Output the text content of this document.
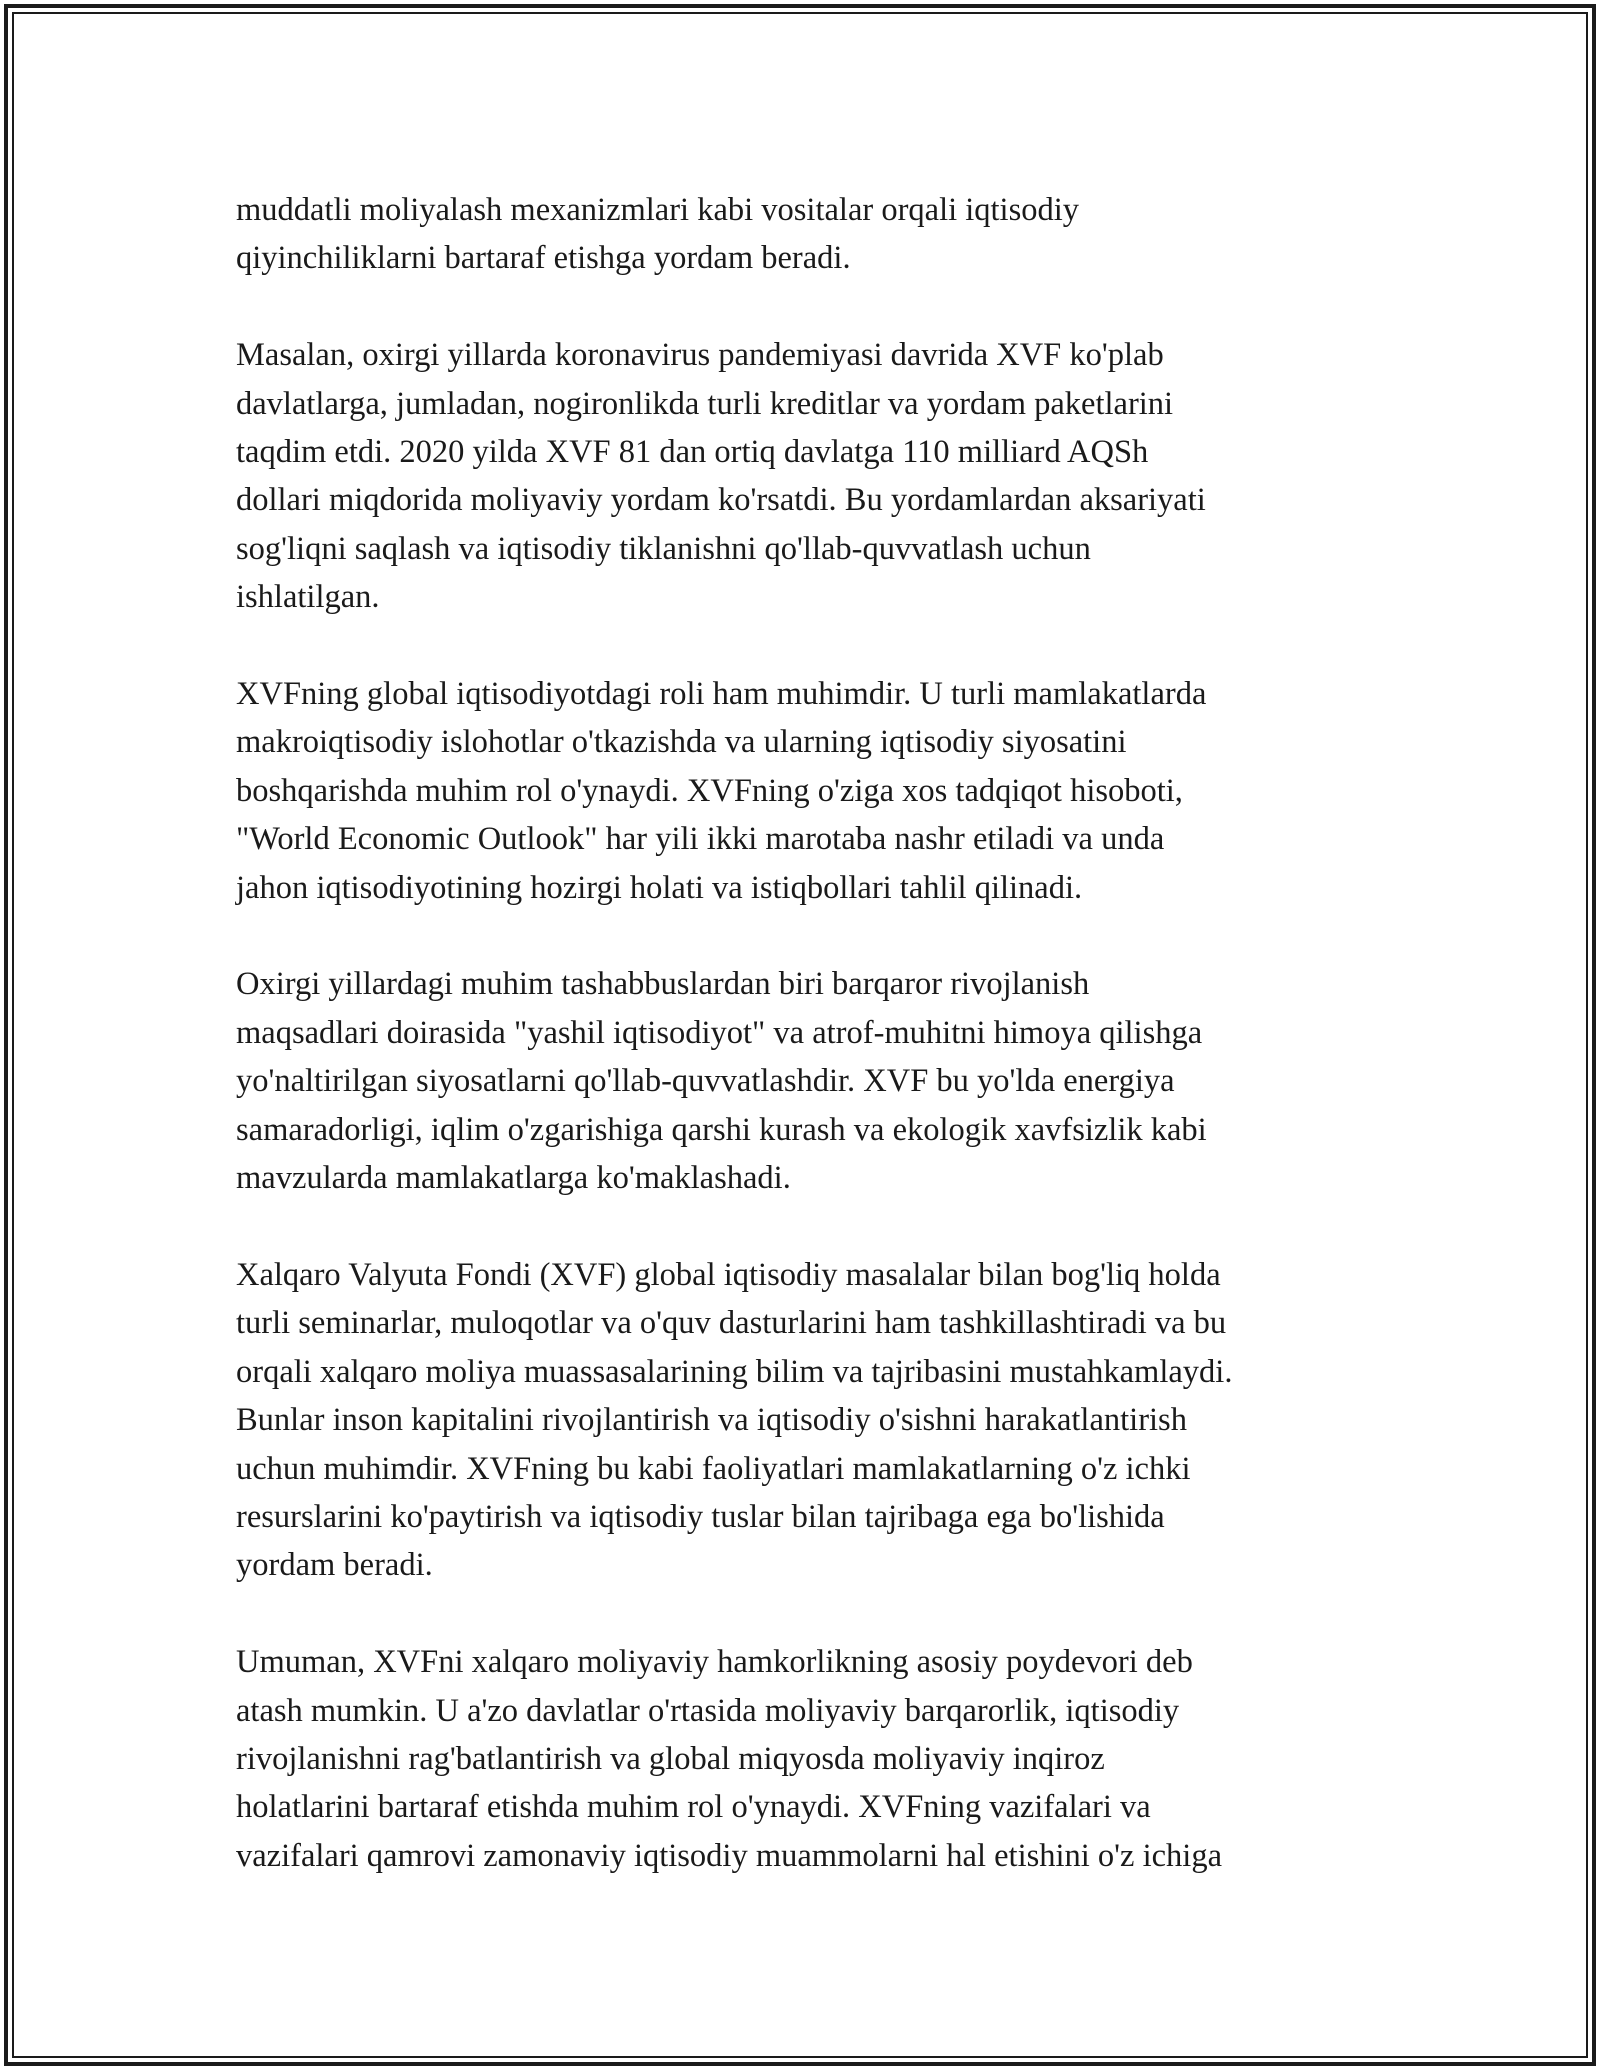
muddatli moliyalash mexanizmlari kabi vositalar orqali iqtisodiy
qiyinchiliklarni bartaraf etishga yordam beradi.

Masalan, oxirgi yillarda koronavirus pandemiyasi davrida XVF ko'plab
davlatlarga, jumladan, nogironlikda turli kreditlar va yordam paketlarini
taqdim etdi. 2020 yilda XVF 81 dan ortiq davlatga 110 milliard AQSh
dollari miqdorida moliyaviy yordam ko'rsatdi. Bu yordamlardan aksariyati
sog'liqni saqlash va iqtisodiy tiklanishni qo'llab-quvvatlash uchun
ishlatilgan.

XVFning global iqtisodiyotdagi roli ham muhimdir. U turli mamlakatlarda
makroiqtisodiy islohotlar o'tkazishda va ularning iqtisodiy siyosatini
boshqarishda muhim rol o'ynaydi. XVFning o'ziga xos tadqiqot hisoboti,
"World Economic Outlook" har yili ikki marotaba nashr etiladi va unda
jahon iqtisodiyotining hozirgi holati va istiqbollari tahlil qilinadi.

Oxirgi yillardagi muhim tashabbuslardan biri barqaror rivojlanish
maqsadlari doirasida "yashil iqtisodiyot" va atrof-muhitni himoya qilishga
yo'naltirilgan siyosatlarni qo'llab-quvvatlashdir. XVF bu yo'lda energiya
samaradorligi, iqlim o'zgarishiga qarshi kurash va ekologik xavfsizlik kabi
mavzularda mamlakatlarga ko'maklashadi.

Xalqaro Valyuta Fondi (XVF) global iqtisodiy masalalar bilan bog'liq holda
turli seminarlar, muloqotlar va o'quv dasturlarini ham tashkillashtiradi va bu
orqali xalqaro moliya muassasalarining bilim va tajribasini mustahkamlaydi.
Bunlar inson kapitalini rivojlantirish va iqtisodiy o'sishni harakatlantirish
uchun muhimdir. XVFning bu kabi faoliyatlari mamlakatlarning o'z ichki
resurslarini ko'paytirish va iqtisodiy tuslar bilan tajribaga ega bo'lishida
yordam beradi.

Umuman, XVFni xalqaro moliyaviy hamkorlikning asosiy poydevori deb
atash mumkin. U a'zo davlatlar o'rtasida moliyaviy barqarorlik, iqtisodiy
rivojlanishni rag'batlantirish va global miqyosda moliyaviy inqiroz
holatlarini bartaraf etishda muhim rol o'ynaydi. XVFning vazifalari va
vazifalari qamrovi zamonaviy iqtisodiy muammolarni hal etishini o'z ichiga
